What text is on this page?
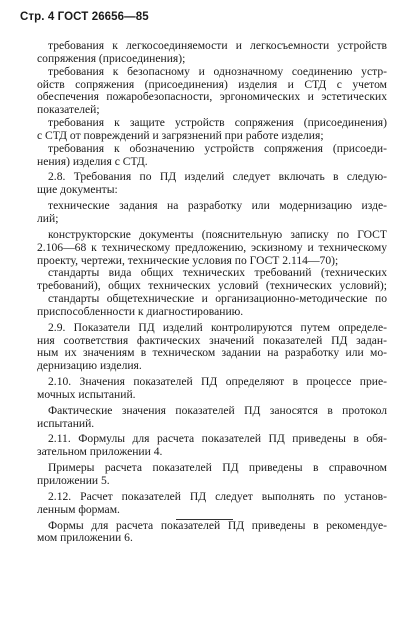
Стр. 4 ГОСТ 26656—85
требования к легкосоединяемости и легкосъемности устройств
сопряжения (присоединения);
требования к безопасному и однозначному соединению устр-
ойств сопряжения (присоединения) изделия и СТД с учетом
обеспечения пожаробезопасности, эргономических и эстетических
показателей;
требования к защите устройств сопряжения (присоединения)
с СТД от повреждений и загрязнений при работе изделия;
требования к обозначению устройств сопряжения (присоеди-
нения) изделия с СТД.
2.8. Требования по ПД изделий следует включать в следую-
щие документы:
технические задания на разработку или модернизацию изде-
лий;
конструкторские документы (пояснительную записку по ГОСТ
2.106—68 к техническому предложению, эскизному и техническому
проекту, чертежи, технические условия по ГОСТ 2.114—70);
стандарты вида общих технических требований (технических
требований), общих технических условий (технических условий);
стандарты общетехнические и организационно-методические по
приспособленности к диагностированию.
2.9. Показатели ПД изделий контролируются путем определе-
ния соответствия фактических значений показателей ПД задан-
ным их значениям в техническом задании на разработку или мо-
дернизацию изделия.
2.10. Значения показателей ПД определяют в процессе прие-
мочных испытаний.
Фактические значения показателей ПД заносятся в протокол
испытаний.
2.11. Формулы для расчета показателей ПД приведены в обя-
зательном приложении 4.
Примеры расчета показателей ПД приведены в справочном
приложении 5.
2.12. Расчет показателей ПД следует выполнять по установ-
ленным формам.
Формы для расчета показателей ПД приведены в рекомендуе-
мом приложении 6.
